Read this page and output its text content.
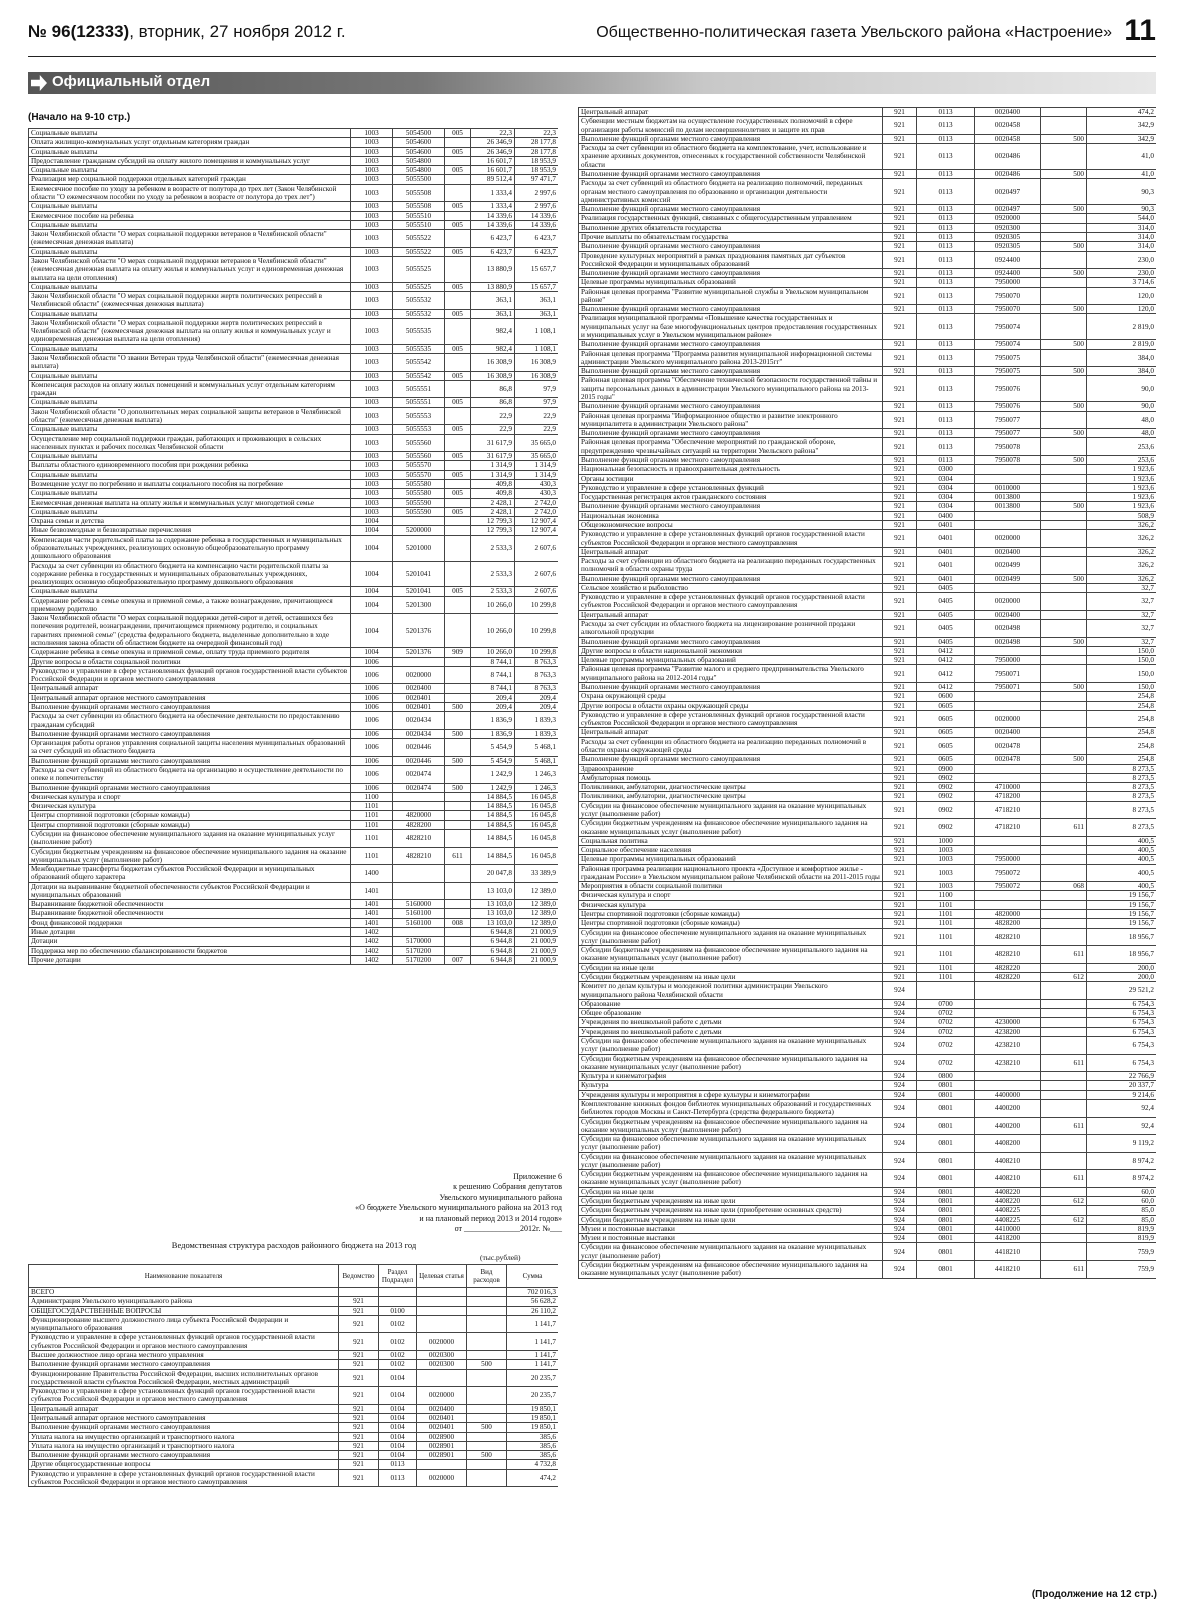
№ 96(12333), вторник, 27 ноября 2012 г.	Общественно-политическая газета Увельского района «Настроение» 11
Официальный отдел
(Начало на 9-10 стр.)
Социальные выплаты	1003	5054500	005	22,3	22,3
Оплата жилищно-коммунальных услуг отдельным категориям граждан	1003	5054600		26 346,9	28 177,8
Социальные выплаты	1003	5054600	005	26 346,9	28 177,8
Предоставление гражданам субсидий на оплату жилого помещения и коммунальных услуг	1003	5054800		16 601,7	18 953,9
Социальные выплаты	1003	5054800	005	16 601,7	18 953,9
Реализация мер социальной поддержки отдельных категорий граждан	1003	5055500		89 512,4	97 471,7
Ежемесячное пособие по уходу за ребенком в возрасте от полутора до трех лет (Закон Челябинской области "О ежемесячном пособии по уходу за ребенком в возрасте от полутора до трех лет")	1003	5055508		1 333,4	2 997,6
Социальные выплаты	1003	5055508	005	1 333,4	2 997,6
Ежемесячное пособие на ребенка	1003	5055510		14 339,6	14 339,6
Социальные выплаты	1003	5055510	005	14 339,6	14 339,6
Закон Челябинской области "О мерах социальной поддержки ветеранов в Челябинской области" (ежемесячная денежная выплата)	1003	5055522		6 423,7	6 423,7
Социальные выплаты	1003	5055522	005	6 423,7	6 423,7
Закон Челябинской области "О мерах социальной поддержки ветеранов в Челябинской области" (ежемесячная денежная выплата на оплату жилья и коммунальных услуг и единовременная денежная выплата на цели отопления)	1003	5055525		13 880,9	15 657,7
Социальные выплаты	1003	5055525	005	13 880,9	15 657,7
Закон Челябинской области "О мерах социальной поддержки жертв политических репрессий в Челябинской области" (ежемесячная денежная выплата)	1003	5055532		363,1	363,1
Социальные выплаты	1003	5055532	005	363,1	363,1
Закон Челябинской области "О мерах социальной поддержки жертв политических репрессий в Челябинской области" (ежемесячная денежная выплата на оплату жилья и коммунальных услуг и единовременная денежная выплата на цели отопления)	1003	5055535		982,4	1 108,1
Социальные выплаты	1003	5055535	005	982,4	1 108,1
Закон Челябинской области "О звании Ветеран труда Челябинской области" (ежемесячная денежная выплата)	1003	5055542		16 308,9	16 308,9
Социальные выплаты	1003	5055542	005	16 308,9	16 308,9
Компенсация расходов на оплату жилых помещений и коммунальных услуг отдельным категориям граждан	1003	5055551		86,8	97,9
Социальные выплаты	1003	5055551	005	86,8	97,9
Закон Челябинской области "О дополнительных мерах социальной защиты ветеранов в Челябинской области" (ежемесячная денежная выплата)	1003	5055553		22,9	22,9
Социальные выплаты	1003	5055553	005	22,9	22,9
Осуществление мер социальной поддержки граждан, работающих и проживающих в сельских населенных пунктах и рабочих поселках Челябинской области	1003	5055560		31 617,9	35 665,0
Социальные выплаты	1003	5055560	005	31 617,9	35 665,0
Выплаты областного единовременного пособия при рождении ребенка	1003	5055570		1 314,9	1 314,9
Социальные выплаты	1003	5055570	005	1 314,9	1 314,9
Возмещение услуг по погребению и выплаты социального пособия на погребение	1003	5055580		409,8	430,3
Социальные выплаты	1003	5055580	005	409,8	430,3
Ежемесячная денежная выплата на оплату жилья и коммунальных услуг многодетной семье	1003	5055590		2 428,1	2 742,0
Социальные выплаты	1003	5055590	005	2 428,1	2 742,0
Охрана семьи и детства	1004			12 799,3	12 907,4
Иные безвозмездные и безвозвратные перечисления	1004	5200000		12 799,3	12 907,4
Компенсация части родительской платы за содержание ребенка в государственных и муниципальных образовательных учреждениях, реализующих основную общеобразовательную программу дошкольного образования	1004	5201000		2 533,3	2 607,6
Расходы за счет субвенции из областного бюджета на компенсацию части родительской платы за содержание ребенка в государственных и муниципальных образовательных учреждениях, реализующих основную общеобразовательную программу дошкольного образования	1004	5201041		2 533,3	2 607,6
Социальные выплаты	1004	5201041	005	2 533,3	2 607,6
Содержание ребенка в семье опекуна и приемной семье, а также вознаграждение, причитающееся приемному родителю	1004	5201300		10 266,0	10 299,8
Закон Челябинской области "О мерах социальной поддержки детей-сирот и детей, оставшихся без попечения родителей, вознаграждении, причитающемся приемному родителю, и социальных гарантиях приемной семье" (средства федерального бюджета, выделенные дополнительно в ходе исполнения закона области об областном бюджете на очередной финансовый год)	1004	5201376		10 266,0	10 299,8
Содержание ребенка в семье опекуна и приемной семье, оплату труда приемного родителя	1004	5201376	909	10 266,0	10 299,8
Другие вопросы в области социальной политики	1006			8 744,1	8 763,3
Руководство и управление в сфере установленных функций органов государственной власти субъектов Российской Федерации и органов местного самоуправления	1006	0020000		8 744,1	8 763,3
Центральный аппарат	1006	0020400		8 744,1	8 763,3
Центральный аппарат органов местного самоуправления	1006	0020401		209,4	209,4
Выполнение функций органами местного самоуправления	1006	0020401	500	209,4	209,4
Расходы за счет субвенции из областного бюджета на обеспечение деятельности по предоставлению гражданам субсидий	1006	0020434		1 836,9	1 839,3
Выполнение функций органами местного самоуправления	1006	0020434	500	1 836,9	1 839,3
Организация работы органов управления социальной защиты населения муниципальных образований за счет субсидий из областного бюджета	1006	0020446		5 454,9	5 468,1
Выполнение функций органами местного самоуправления	1006	0020446	500	5 454,9	5 468,1
Расходы за счет субвенций из областного бюджета на организацию и осуществление деятельности по опеке и попечительству	1006	0020474		1 242,9	1 246,3
Выполнение функций органами местного самоуправления	1006	0020474	500	1 242,9	1 246,3
Физическая культура и спорт	1100			14 884,5	16 045,8
Физическая культура	1101			14 884,5	16 045,8
Центры спортивной подготовки (сборные команды)	1101	4820000		14 884,5	16 045,8
Центры спортивной подготовки (сборные команды)	1101	4828200		14 884,5	16 045,8
Субсидии на финансовое обеспечение муниципального задания на оказание муниципальных услуг (выполнение работ)	1101	4828210		14 884,5	16 045,8
Субсидии бюджетным учреждениям на финансовое обеспечение муниципального задания на оказание муниципальных услуг (выполнение работ)	1101	4828210	611	14 884,5	16 045,8
Межбюджетные трансферты бюджетам субъектов Российской Федерации и муниципальных образований общего характера	1400			20 047,8	33 389,9
Дотации на выравнивание бюджетной обеспеченности субъектов Российской Федерации и муниципальных образований	1401			13 103,0	12 389,0
Выравнивание бюджетной обеспеченности	1401	5160000		13 103,0	12 389,0
Выравнивание бюджетной обеспеченности	1401	5160100		13 103,0	12 389,0
Фонд финансовой поддержки	1401	5160100	008	13 103,0	12 389,0
Иные дотации	1402			6 944,8	21 000,9
Дотации	1402	5170000		6 944,8	21 000,9
Поддержка мер по обеспечению сбалансированности бюджетов	1402	5170200		6 944,8	21 000,9
Прочие дотации	1402	5170200	007	6 944,8	21 000,9
Приложение 6
к решению Собрания депутатов
Увельского муниципального района
«О бюджете Увельского муниципального района на 2013 год
и на плановый период 2013 и 2014 годов»
от ______________2012г. №___
Ведомственная структура расходов районного бюджета на 2013 год
(тыс.рублей)
Наименование показателя	Ведомство	Раздел Подраздел	Целевая статья	Вид расходов	Сумма
ВСЕГО					702 016,3
Администрация Увельского муниципального района	921				56 628,2
ОБЩЕГОСУДАРСТВЕННЫЕ ВОПРОСЫ	921	0100			26 110,2
Функционирование высшего должностного лица субъекта Российской Федерации и муниципального образования	921	0102			1 141,7
Руководство и управление в сфере установленных функций органов государственной власти субъектов Российской Федерации и органов местного самоуправления	921	0102	0020000		1 141,7
Высшее должностное лицо органа местного управления	921	0102	0020300		1 141,7
Выполнение функций органами местного самоуправления	921	0102	0020300	500	1 141,7
Функционирование Правительства Российской Федерации, высших исполнительных органов государственной власти субъектов Российской Федерации, местных администраций	921	0104			20 235,7
Руководство и управление в сфере установленных функций органов государственной власти субъектов Российской Федерации и органов местного самоуправления	921	0104	0020000		20 235,7
Центральный аппарат	921	0104	0020400		19 850,1
Центральный аппарат органов местного самоуправления	921	0104	0020401		19 850,1
Выполнение функций органами местного самоуправления	921	0104	0020401	500	19 850,1
Уплата налога на имущество организаций и транспортного налога	921	0104	0028900		385,6
Уплата налога на имущество организаций и транспортного налога	921	0104	0028901		385,6
Выполнение функций органами местного самоуправления	921	0104	0028901	500	385,6
Другие общегосударственные вопросы	921	0113			4 732,8
Руководство и управление в сфере установленных функций органов государственной власти субъектов Российской Федерации и органов местного самоуправления	921	0113	0020000		474,2
Центральный аппарат	921	0113	0020400		474,2
Субвенции местным бюджетам на осуществление государственных полномочий в сфере организации работы комиссий по делам несовершеннолетних и защите их прав	921	0113	0020458		342,9
Выполнение функций органами местного самоуправления	921	0113	0020458	500	342,9
Расходы за счет субвенции из областного бюджета на комплектование, учет, использование и хранение архивных документов, отнесенных к государственной собственности Челябинской области	921	0113	0020486		41,0
Выполнение функций органами местного самоуправления	921	0113	0020486	500	41,0
Расходы за счет субвенций из областного бюджета на реализацию полномочий, переданных органам местного самоуправления по образованию и организации деятельности административных комиссий	921	0113	0020497		90,3
Выполнение функций органами местного самоуправления	921	0113	0020497	500	90,3
Реализация государственных функций, связанных с общегосударственным управлением	921	0113	0920000		544,0
Выполнение других обязательств государства	921	0113	0920300		314,0
Прочие выплаты по обязательствам государства	921	0113	0920305		314,0
Выполнение функций органами местного самоуправления	921	0113	0920305	500	314,0
Проведение культурных мероприятий в рамках празднования памятных дат субъектов Российской Федерации и муниципальных образований	921	0113	0924400		230,0
Выполнение функций органами местного самоуправления	921	0113	0924400	500	230,0
Целевые программы муниципальных образований	921	0113	7950000		3 714,6
Районная целевая программа "Развитие муниципальной службы в Увельском муниципальном районе"	921	0113	7950070		120,0
Выполнение функций органами местного самоуправления	921	0113	7950070	500	120,0
Реализация муниципальной программы «Повышение качества государственных и муниципальных услуг на базе многофункциональных центров предоставления государственных и муниципальных услуг в Увельском муниципальном районе»	921	0113	7950074		2 819,0
Выполнение функций органами местного самоуправления	921	0113	7950074	500	2 819,0
Районная целевая программа "Программа развития муниципальной информационной системы администрации Увельского муниципального района 2013-2015гг"	921	0113	7950075		384,0
Выполнение функций органами местного самоуправления	921	0113	7950075	500	384,0
Районная целевая программа "Обеспечение технической безопасности государственной тайны и защиты персональных данных в администрации Увельского муниципального района на 2013-2015 годы"	921	0113	7950076		90,0
Выполнение функций органами местного самоуправления	921	0113	7950076	500	90,0
Районная целевая программа "Информационное общество и развитие электронного муниципалитета в администрации Увельского района"	921	0113	7950077		48,0
Выполнение функций органами местного самоуправления	921	0113	7950077	500	48,0
Районная целевая программа "Обеспечение мероприятий по гражданской обороне, предупреждению чрезвычайных ситуаций на территории Увельского района"	921	0113	7950078		253,6
Выполнение функций органами местного самоуправления	921	0113	7950078	500	253,6
Национальная безопасность и правоохранительная деятельность	921	0300			1 923,6
Органы юстиции	921	0304			1 923,6
Руководство и управление в сфере установленных функций	921	0304	0010000		1 923,6
Государственная регистрация актов гражданского состояния	921	0304	0013800		1 923,6
Выполнение функций органами местного самоуправления	921	0304	0013800	500	1 923,6
Национальная экономика	921	0400			508,9
Общеэкономические вопросы	921	0401			326,2
Руководство и управление в сфере установленных функций органов государственной власти субъектов Российской Федерации и органов местного самоуправления	921	0401	0020000		326,2
Центральный аппарат	921	0401	0020400		326,2
Расходы за счет субвенции из областного бюджета на реализацию переданных государственных полномочий в области охраны труда	921	0401	0020499		326,2
Выполнение функций органами местного самоуправления	921	0401	0020499	500	326,2
Сельское хозяйство и рыболовство	921	0405			32,7
Руководство и управление в сфере установленных функций органов государственной власти субъектов Российской Федерации и органов местного самоуправления	921	0405	0020000		32,7
Центральный аппарат	921	0405	0020400		32,7
Расходы за счет субсидии из областного бюджета на лицензирование розничной продажи алкогольной продукции	921	0405	0020498		32,7
Выполнение функций органами местного самоуправления	921	0405	0020498	500	32,7
Другие вопросы в области национальной экономики	921	0412			150,0
Целевые программы муниципальных образований	921	0412	7950000		150,0
Районная целевая программа "Развитие малого и среднего предпринимательства Увельского муниципального района на 2012-2014 годы"	921	0412	7950071		150,0
Выполнение функций органами местного самоуправления	921	0412	7950071	500	150,0
Охрана окружающей среды	921	0600			254,8
Другие вопросы в области охраны окружающей среды	921	0605			254,8
Руководство и управление в сфере установленных функций органов государственной власти субъектов Российской Федерации и органов местного самоуправления	921	0605	0020000		254,8
Центральный аппарат	921	0605	0020400		254,8
Расходы за счет субвенции из областного бюджета на реализацию переданных полномочий в области охраны окружающей среды	921	0605	0020478		254,8
Выполнение функций органами местного самоуправления	921	0605	0020478	500	254,8
Здравоохранение	921	0900			8 273,5
Амбулаторная помощь	921	0902			8 273,5
Поликлиники, амбулатории, диагностические центры	921	0902	4710000		8 273,5
Поликлиники, амбулатории, диагностические центры	921	0902	4718200		8 273,5
Субсидии на финансовое обеспечение муниципального задания на оказание муниципальных услуг (выполнение работ)	921	0902	4718210		8 273,5
Субсидии бюджетным учреждениям на финансовое обеспечение муниципального задания на оказание муниципальных услуг (выполнение работ)	921	0902	4718210	611	8 273,5
Социальная политика	921	1000			400,5
Социальное обеспечение населения	921	1003			400,5
Целевые программы муниципальных образований	921	1003	7950000		400,5
Районная программа реализации национального проекта «Доступное и комфортное жилье - гражданам России» в Увельском муниципальном районе Челябинской области на 2011-2015 годы	921	1003	7950072		400,5
Мероприятия в области социальной политики	921	1003	7950072	068	400,5
Физическая культура и спорт	921	1100			19 156,7
Физическая культура	921	1101			19 156,7
Центры спортивной подготовки (сборные команды)	921	1101	4820000		19 156,7
Центры спортивной подготовки (сборные команды)	921	1101	4828200		19 156,7
Субсидии на финансовое обеспечение муниципального задания на оказание муниципальных услуг (выполнение работ)	921	1101	4828210		18 956,7
Субсидии бюджетным учреждениям на финансовое обеспечение муниципального задания на оказание муниципальных услуг (выполнение работ)	921	1101	4828210	611	18 956,7
Субсидии на иные цели	921	1101	4828220		200,0
Субсидии бюджетным учреждениям на иные цели	921	1101	4828220	612	200,0
Комитет по делам культуры и молодежной политики администрации Увельского муниципального района Челябинской области	924				29 521,2
Образование	924	0700			6 754,3
Общее образование	924	0702			6 754,3
Учреждения по внешкольной работе с детьми	924	0702	4230000		6 754,3
Учреждения по внешкольной работе с детьми	924	0702	4238200		6 754,3
Субсидии на финансовое обеспечение муниципального задания на оказание муниципальных услуг (выполнение работ)	924	0702	4238210		6 754,3
Субсидии бюджетным учреждениям на финансовое обеспечение муниципального задания на оказание муниципальных услуг (выполнение работ)	924	0702	4238210	611	6 754,3
Культура и кинематография	924	0800			22 766,9
Культура	924	0801			20 337,7
Учреждения культуры и мероприятия в сфере культуры и кинематографии	924	0801	4400000		9 214,6
Комплектование книжных фондов библиотек муниципальных образований и государственных библиотек городов Москвы и Санкт-Петербурга (средства федерального бюджета)	924	0801	4400200		92,4
Субсидии бюджетным учреждениям на финансовое обеспечение муниципального задания на оказание муниципальных услуг (выполнение работ)	924	0801	4400200	611	92,4
Субсидии на финансовое обеспечение муниципального задания на оказание муниципальных услуг (выполнение работ)	924	0801	4408200		9 119,2
Субсидии на финансовое обеспечение муниципального задания на оказание муниципальных услуг (выполнение работ)	924	0801	4408210		8 974,2
Субсидии бюджетным учреждениям на финансовое обеспечение муниципального задания на оказание муниципальных услуг (выполнение работ)	924	0801	4408210	611	8 974,2
Субсидии на иные цели	924	0801	4408220		60,0
Субсидии бюджетным учреждениям на иные цели	924	0801	4408220	612	60,0
Субсидии бюджетным учреждениям на иные цели (приобретение основных средств)	924	0801	4408225		85,0
Субсидии бюджетным учреждениям на иные цели	924	0801	4408225	612	85,0
Музеи и постоянные выставки	924	0801	4410000		819,9
Музеи и постоянные выставки	924	0801	4418200		819,9
Субсидии на финансовое обеспечение муниципального задания на оказание муниципальных услуг (выполнение работ)	924	0801	4418210		759,9
Субсидии бюджетным учреждениям на финансовое обеспечение муниципального задания на оказание муниципальных услуг (выполнение работ)	924	0801	4418210	611	759,9
(Продолжение на 12 стр.)
